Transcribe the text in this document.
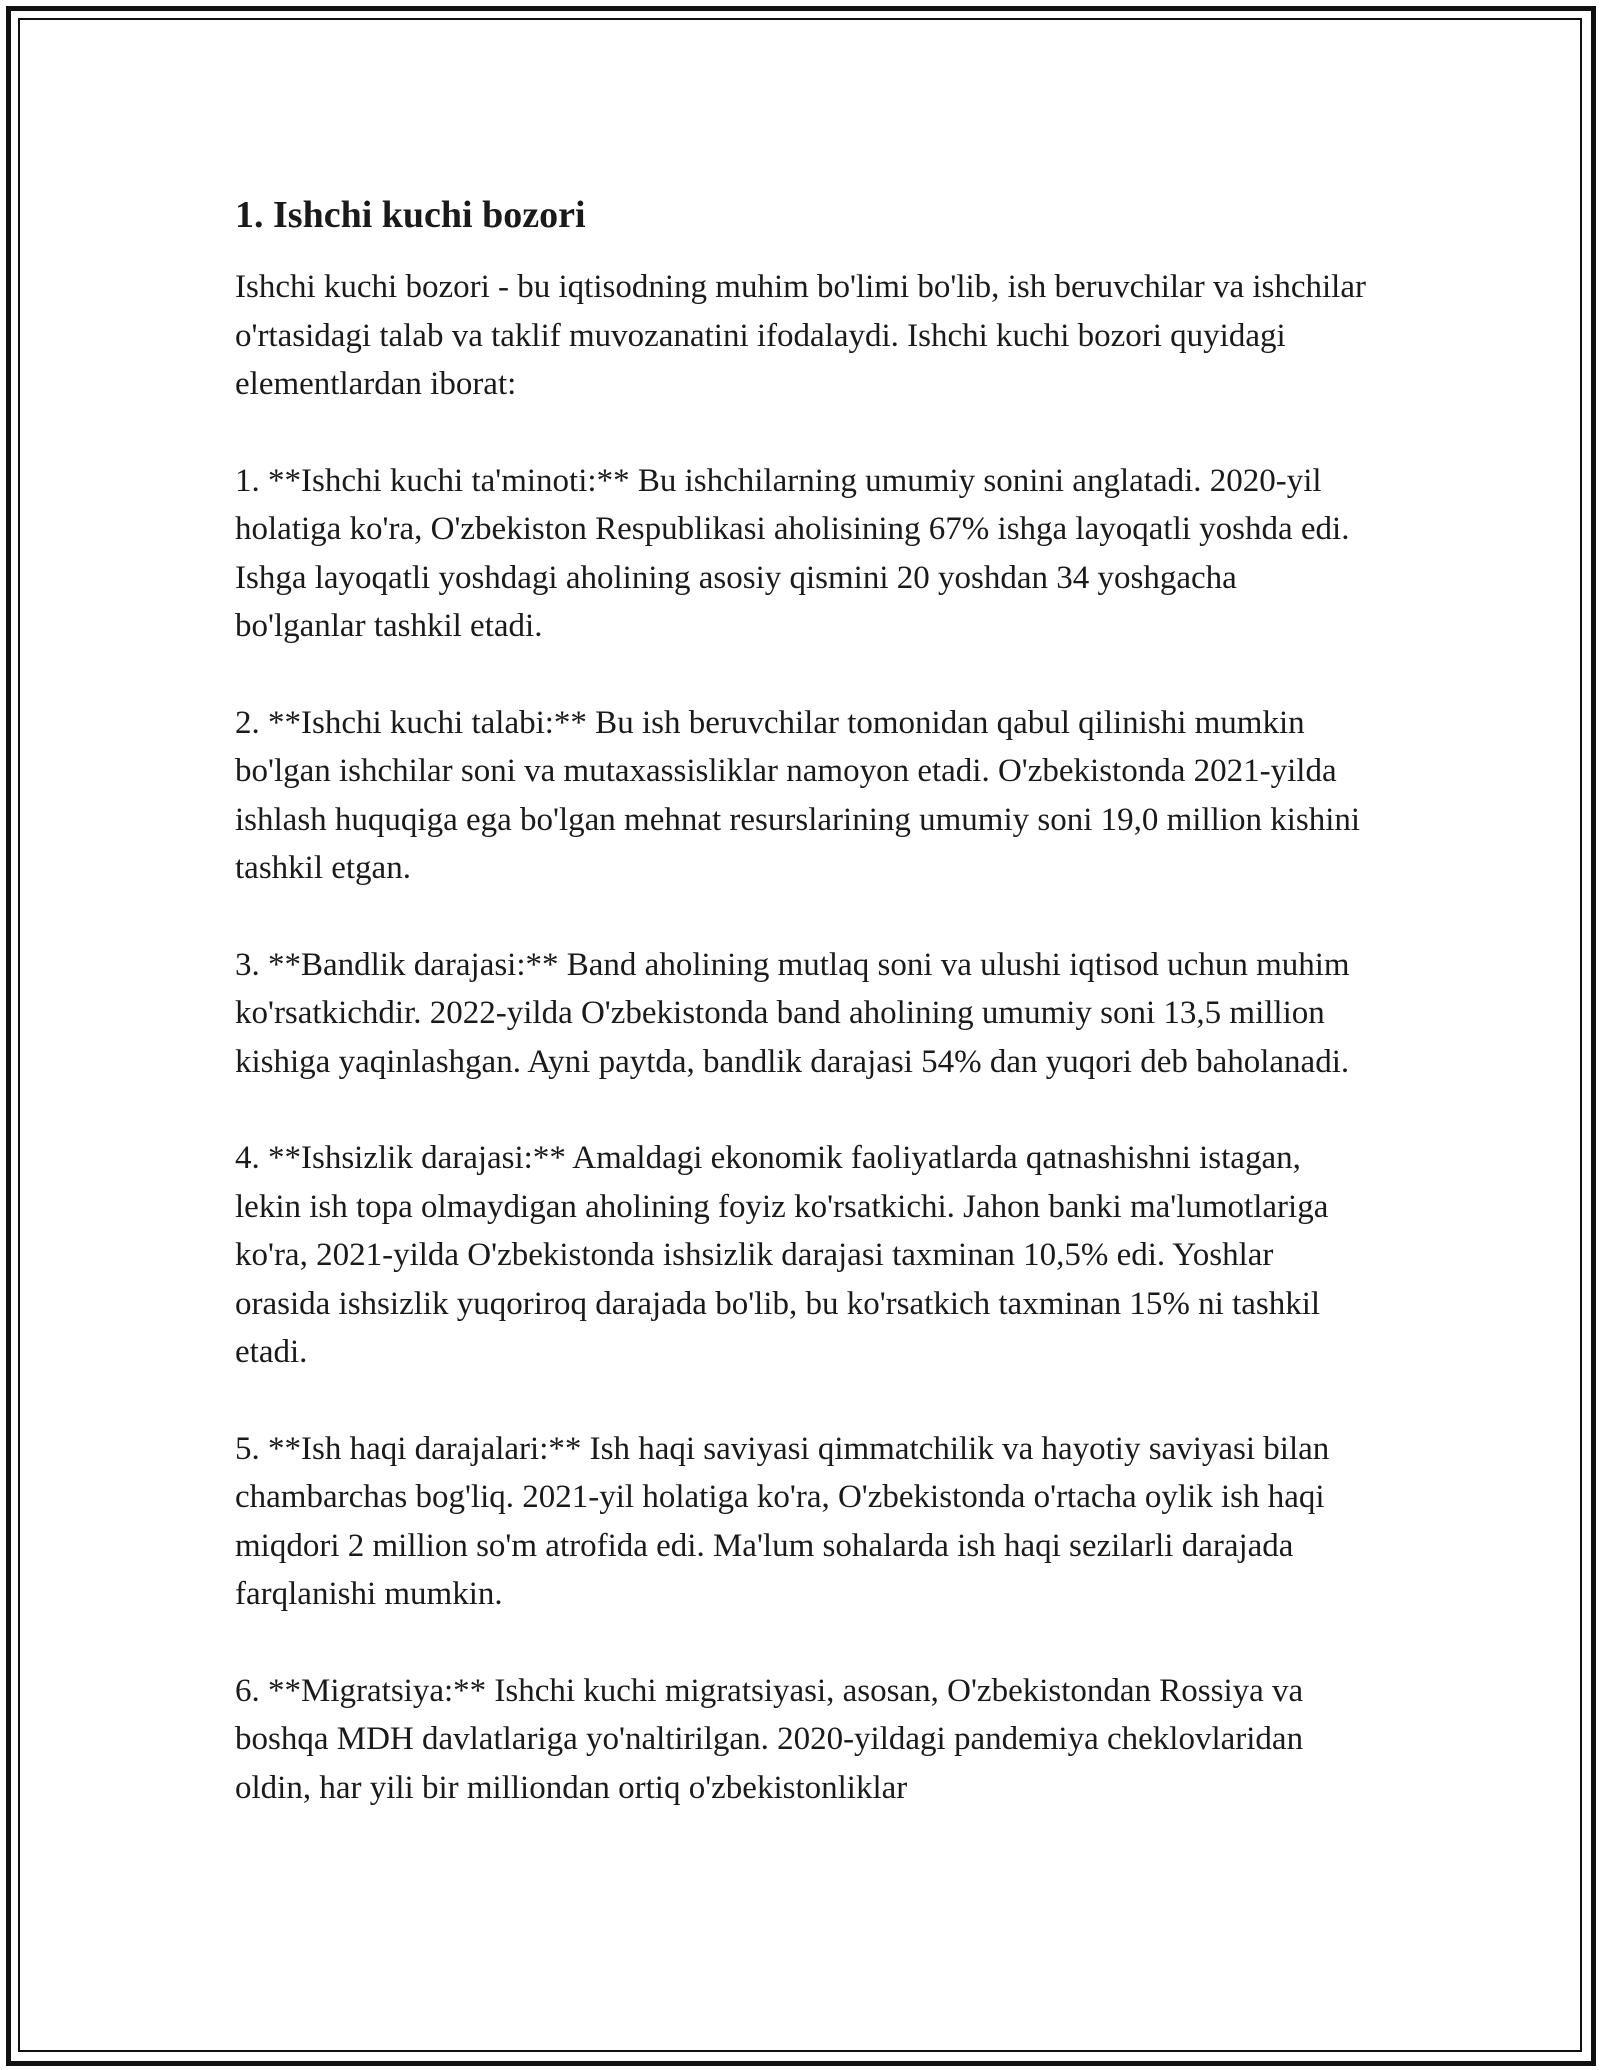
1. Ishchi kuchi bozori

Ishchi kuchi bozori - bu iqtisodning muhim bo'limi bo'lib, ish beruvchilar va ishchilar o'rtasidagi talab va taklif muvozanatini ifodalaydi. Ishchi kuchi bozori quyidagi elementlardan iborat:

1. **Ishchi kuchi ta'minoti:** Bu ishchilarning umumiy sonini anglatadi. 2020-yil holatiga ko'ra, O'zbekiston Respublikasi aholisining 67% ishga layoqatli yoshda edi. Ishga layoqatli yoshdagi aholining asosiy qismini 20 yoshdan 34 yoshgacha bo'lganlar tashkil etadi.

2. **Ishchi kuchi talabi:** Bu ish beruvchilar tomonidan qabul qilinishi mumkin bo'lgan ishchilar soni va mutaxassisliklar namoyon etadi. O'zbekistonda 2021-yilda ishlash huquqiga ega bo'lgan mehnat resurslarining umumiy soni 19,0 million kishini tashkil etgan.

3. **Bandlik darajasi:** Band aholining mutlaq soni va ulushi iqtisod uchun muhim ko'rsatkichdir. 2022-yilda O'zbekistonda band aholining umumiy soni 13,5 million kishiga yaqinlashgan. Ayni paytda, bandlik darajasi 54% dan yuqori deb baholanadi.

4. **Ishsizlik darajasi:** Amaldagi ekonomik faoliyatlarda qatnashishni istagan, lekin ish topa olmaydigan aholining foyiz ko'rsatkichi. Jahon banki ma'lumotlariga ko'ra, 2021-yilda O'zbekistonda ishsizlik darajasi taxminan 10,5% edi. Yoshlar orasida ishsizlik yuqoriroq darajada bo'lib, bu ko'rsatkich taxminan 15% ni tashkil etadi.

5. **Ish haqi darajalari:** Ish haqi saviyasi qimmatchilik va hayotiy saviyasi bilan chambarchas bog'liq. 2021-yil holatiga ko'ra, O'zbekistonda o'rtacha oylik ish haqi miqdori 2 million so'm atrofida edi. Ma'lum sohalarda ish haqi sezilarli darajada farqlanishi mumkin.

6. **Migratsiya:** Ishchi kuchi migratsiyasi, asosan, O'zbekistondan Rossiya va boshqa MDH davlatlariga yo'naltirilgan. 2020-yildagi pandemiya cheklovlaridan oldin, har yili bir milliondan ortiq o'zbekistonliklar
